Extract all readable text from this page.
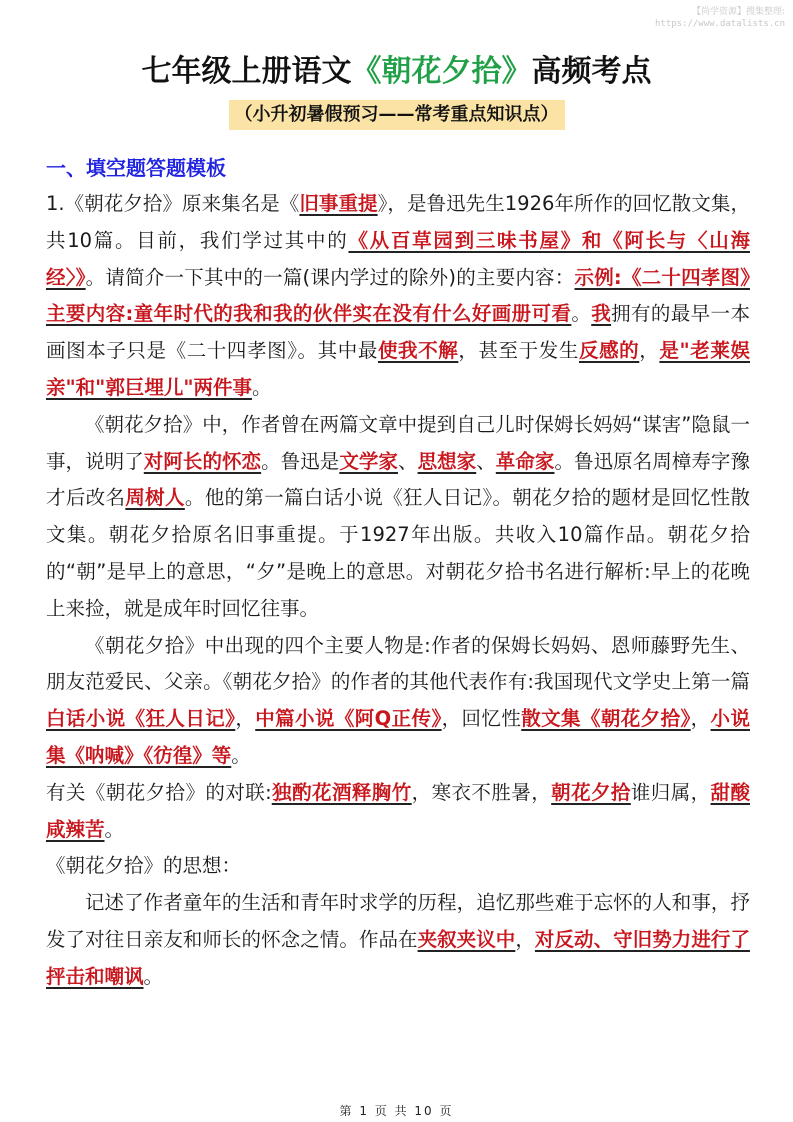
【尚学资源】搜集整理:
https://www.datalists.cn
七年级上册语文《朝花夕拾》高频考点
（小升初暑假预习——常考重点知识点）
一、填空题答题模板

1.《朝花夕拾》原来集名是《旧事重提》，是鲁迅先生1926年所作的回忆散文集，共10篇。目前，我们学过其中的《从百草园到三味书屋》和《阿长与〈山海经〉》。请简介一下其中的一篇(课内学过的除外)的主要内容：示例:《二十四孝图》主要内容:童年时代的我和我的伙伴实在没有什么好画册可看。我拥有的最早一本画图本子只是《二十四孝图》。其中最使我不解，甚至于发生反感的，是"老莱娱亲"和"郭巨埋儿"两件事。

《朝花夕拾》中，作者曾在两篇文章中提到自己儿时保姆长妈妈“谋害”隐鼠一事，说明了对阿长的怀恋。鲁迅是文学家、思想家、革命家。鲁迅原名周樟寿字豫才后改名周树人。他的第一篇白话小说《狂人日记》。朝花夕拾的题材是回忆性散文集。朝花夕拾原名旧事重提。于1927年出版。共收入10篇作品。朝花夕拾的“朝”是早上的意思，“夕”是晚上的意思。对朝花夕拾书名进行解析:早上的花晚上来捡，就是成年时回忆往事。

《朝花夕拾》中出现的四个主要人物是:作者的保姆长妈妈、恩师藤野先生、朋友范爱民、父亲。《朝花夕拾》的作者的其他代表作有:我国现代文学史上第一篇白话小说《狂人日记》，中篇小说《阿Q正传》，回忆性散文集《朝花夕拾》，小说集《呐喊》《彷徨》等。

有关《朝花夕拾》的对联:独酌花酒释胸竹，寒衣不胜暑，朝花夕拾谁归属，甜酸咸辣苦。

《朝花夕拾》的思想：

记述了作者童年的生活和青年时求学的历程，追忆那些难于忘怀的人和事，抒发了对往日亲友和师长的怀念之情。作品在夹叙夹议中，对反动、守旧势力进行了抨击和嘲讽。

第 1 页 共 10 页
